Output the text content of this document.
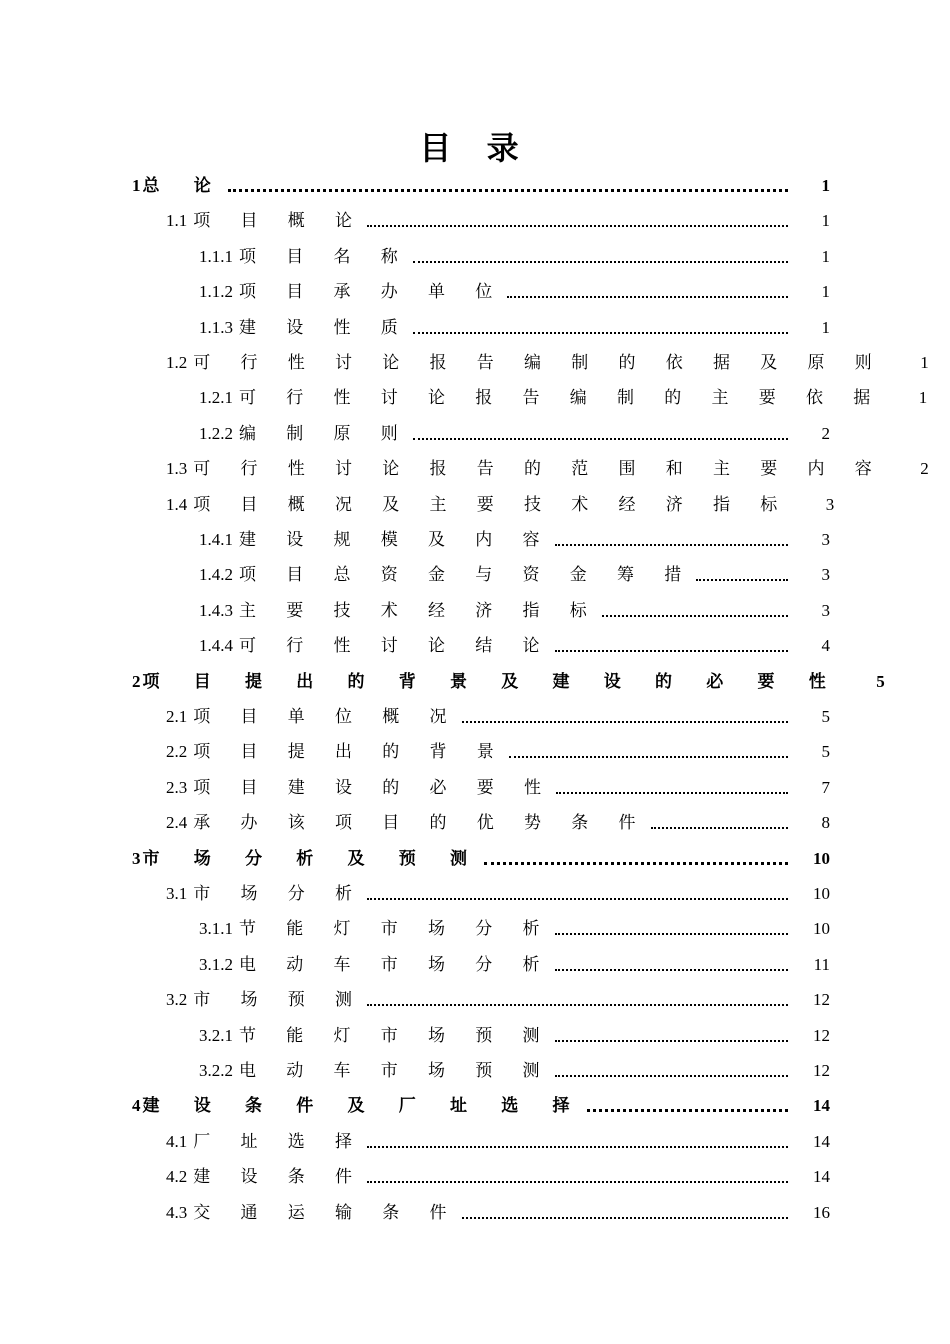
目 录
1 总 论	1
1.1 项 目 概 论	1
1.1.1 项 目 名 称	1
1.1.2 项 目 承 办 单 位	1
1.1.3 建 设 性 质	1
1.2 可 行 性 讨 论 报 告 编 制 的 依 据 及 原 则	1
1.2.1 可 行 性 讨 论 报 告 编 制 的 主 要 依 据	1
1.2.2 编 制 原 则	2
1.3 可 行 性 讨 论 报 告 的 范 围 和 主 要 内 容	2
1.4 项 目 概 况 及 主 要 技 术 经 济 指 标	3
1.4.1 建 设 规 模 及 内 容	3
1.4.2 项 目 总 资 金 与 资 金 筹 措	3
1.4.3 主 要 技 术 经 济 指 标	3
1.4.4 可 行 性 讨 论 结 论	4
2 项 目 提 出 的 背 景 及 建 设 的 必 要 性	5
2.1 项 目 单 位 概 况	5
2.2 项 目 提 出 的 背 景	5
2.3 项 目 建 设 的 必 要 性	7
2.4 承 办 该 项 目 的 优 势 条 件	8
3 市 场 分 析 及 预 测	10
3.1 市 场 分 析	10
3.1.1 节 能 灯 市 场 分 析	10
3.1.2 电 动 车 市 场 分 析	11
3.2 市 场 预 测	12
3.2.1 节 能 灯 市 场 预 测	12
3.2.2 电 动 车 市 场 预 测	12
4 建 设 条 件 及 厂 址 选 择	14
4.1 厂 址 选 择	14
4.2 建 设 条 件	14
4.3 交 通 运 输 条 件	16
